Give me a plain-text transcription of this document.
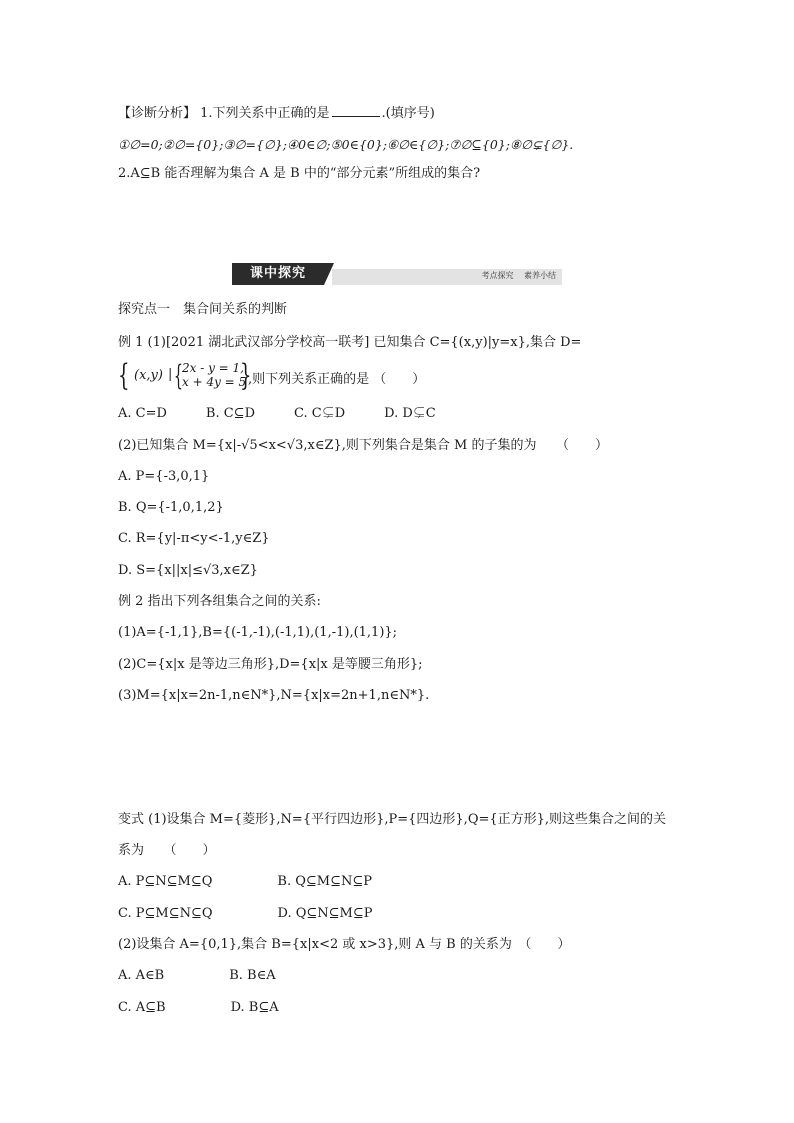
【诊断分析】 1.下列关系中正确的是	.(填序号)
①∅=0;②∅={0};③∅={∅};④0∈∅;⑤0∈{0};⑥∅∈{∅};⑦∅⊆{0};⑧∅⊊{∅}.
2.A⊆B 能否理解为集合 A 是 B 中的“部分元素”所组成的集合?
课中探究	考点探究 素养小结
探究点一　集合间关系的判断
例 1 (1)[2021 湖北武汉部分学校高一联考] 已知集合 C={(x,y)|y=x},集合 D=
{ (x,y) | { 2x - y = 1,
x + 4y = 5
}
,则下列关系正确的是 （　　）
A. C=D　　　B. C⊆D　　　C. C⊊D　　　D. D⊊C
(2)已知集合 M={x|-√5<x<√3,x∈Z},则下列集合是集合 M 的子集的为　　（　　）
A. P={-3,0,1}
B. Q={-1,0,1,2}
C. R={y|-π<y<-1,y∈Z}
D. S={x||x|≤√3,x∈Z}
例 2 指出下列各组集合之间的关系:
(1)A={-1,1},B={(-1,-1),(-1,1),(1,-1),(1,1)};
(2)C={x|x 是等边三角形},D={x|x 是等腰三角形};
(3)M={x|x=2n-1,n∈N*},N={x|x=2n+1,n∈N*}.
变式 (1)设集合 M={菱形},N={平行四边形},P={四边形},Q={正方形},则这些集合之间的关
系为　　（　　）
A. P⊆N⊆M⊆Q　　　　　B. Q⊆M⊆N⊆P
C. P⊆M⊆N⊆Q　　　　　D. Q⊆N⊆M⊆P
(2)设集合 A={0,1},集合 B={x|x<2 或 x>3},则 A 与 B 的关系为　（　　）
A. A∈B　　　　　B. B∈A
C. A⊆B　　　　　D. B⊆A
